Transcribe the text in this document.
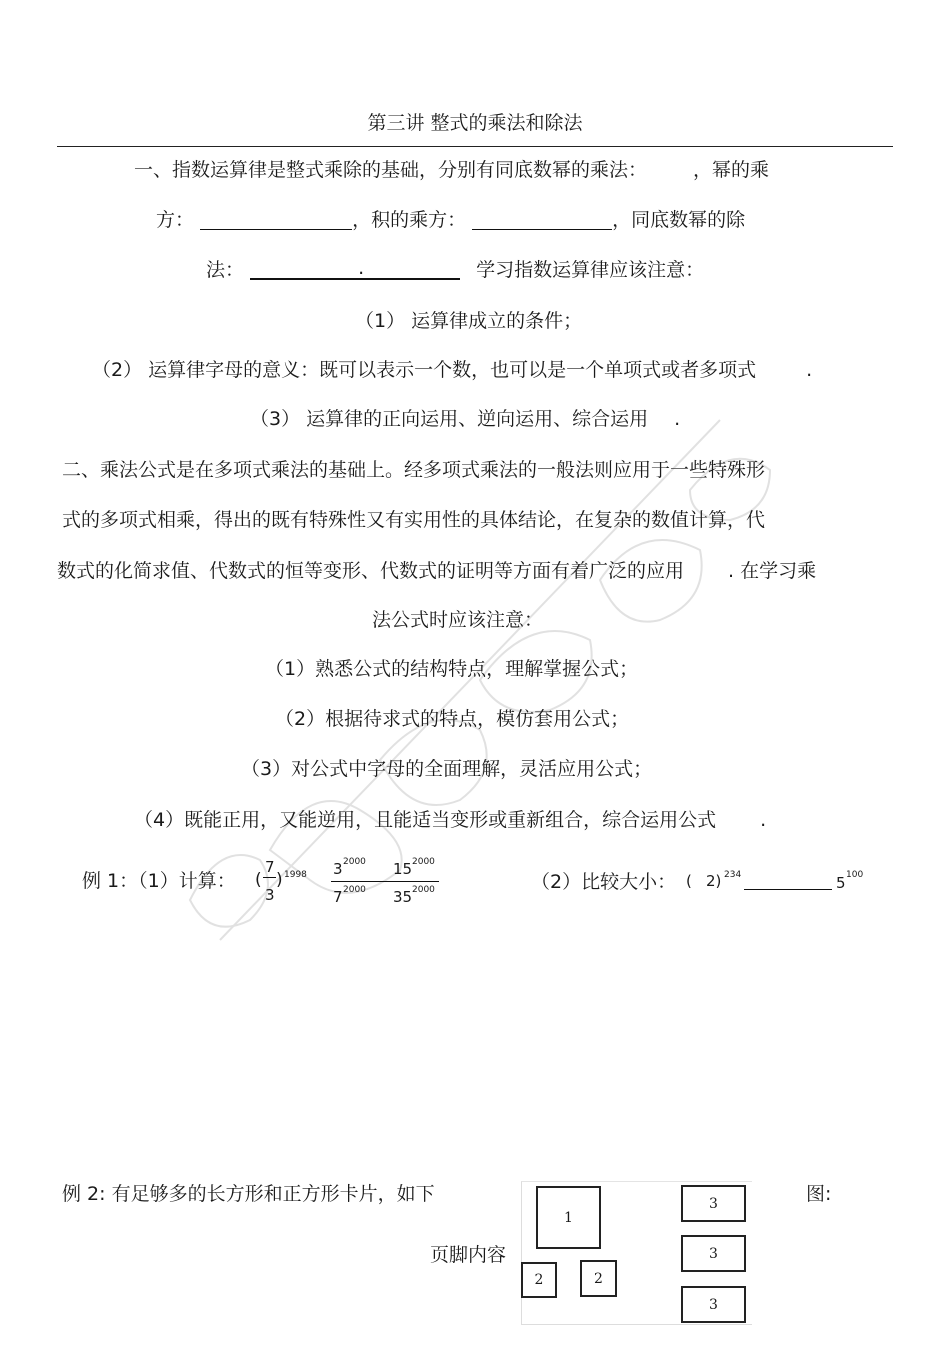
第三讲 整式的乘法和除法
一、指数运算律是整式乘除的基础，分别有同底数幂的乘法： ，幂的乘
方：	，积的乘方：	，同底数幂的除
法：	.	学习指数运算律应该注意：
（1） 运算律成立的条件；
（2） 运算律字母的意义：既可以表示一个数，也可以是一个单项式或者多项式	.
（3） 运算律的正向运用、逆向运用、综合运用 .
二、乘法公式是在多项式乘法的基础上。经多项式乘法的一般法则应用于一些特殊形
式的多项式相乘，得出的既有特殊性又有实用性的具体结论，在复杂的数值计算，代
数式的化简求值、代数式的恒等变形、代数式的证明等方面有着广泛的应用 . 在学习乘
法公式时应该注意：
（1）熟悉公式的结构特点，理解掌握公式；
（2）根据待求式的特点，模仿套用公式；
（3）对公式中字母的全面理解，灵活应用公式；
（4）既能正用，又能逆用，且能适当变形或重新组合，综合运用公式 .
例 1：（1）计算： (
7
3
) 1998 3 2000
7 2000
15 2000
35 2000	（2）比较大小： ( 2) 234	5 100
例 2: 有足够多的长方形和正方形卡片，如下	图:
1
2	2
3
3
3
页脚内容
